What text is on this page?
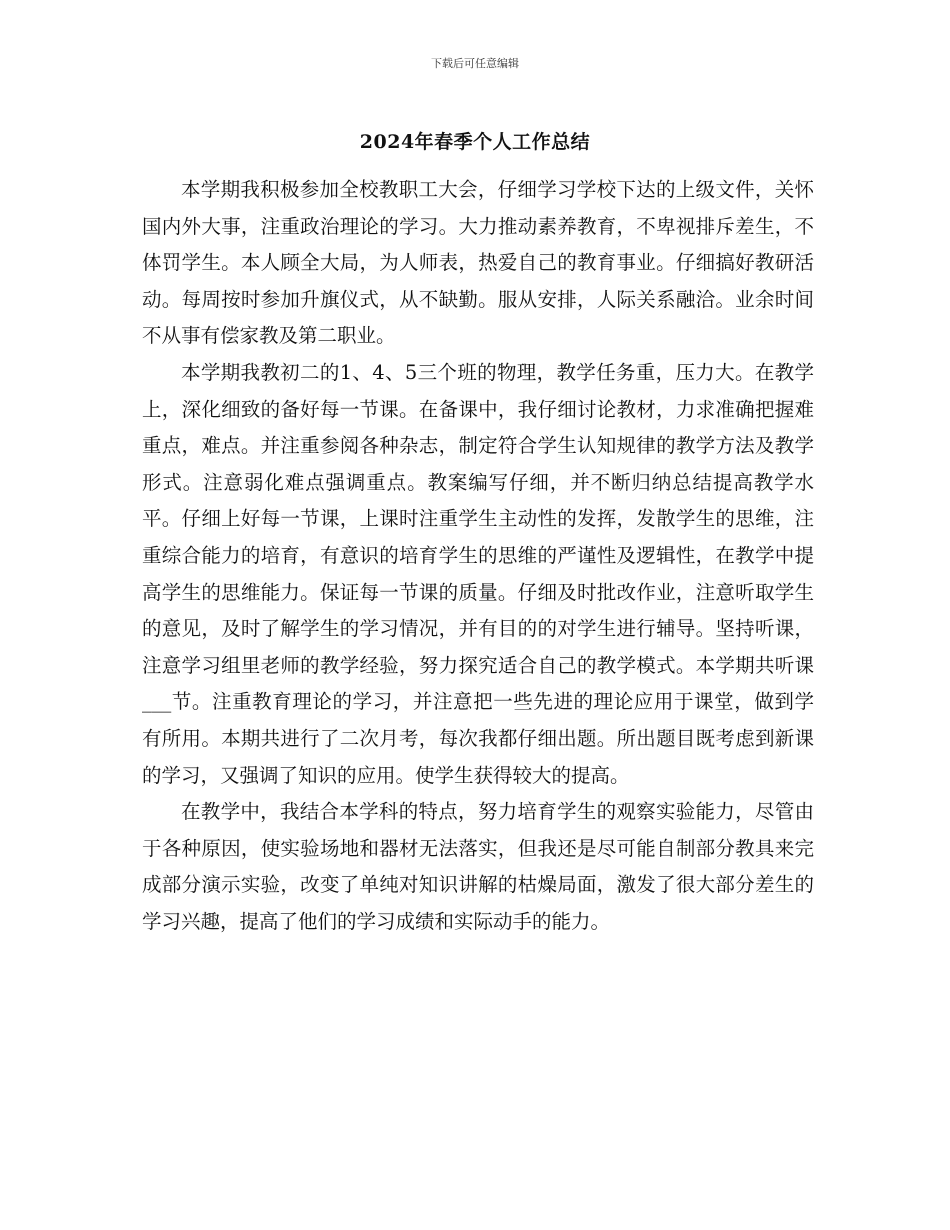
下载后可任意编辑
2024年春季个人工作总结

本学期我积极参加全校教职工大会，仔细学习学校下达的上级文件，关怀国内外大事，注重政治理论的学习。大力推动素养教育，不卑视排斥差生，不体罚学生。本人顾全大局，为人师表，热爱自己的教育事业。仔细搞好教研活动。每周按时参加升旗仪式，从不缺勤。服从安排，人际关系融洽。业余时间不从事有偿家教及第二职业。

本学期我教初二的1、4、5三个班的物理，教学任务重，压力大。在教学上，深化细致的备好每一节课。在备课中，我仔细讨论教材，力求准确把握难重点，难点。并注重参阅各种杂志，制定符合学生认知规律的教学方法及教学形式。注意弱化难点强调重点。教案编写仔细，并不断归纳总结提高教学水平。仔细上好每一节课，上课时注重学生主动性的发挥，发散学生的思维，注重综合能力的培育，有意识的培育学生的思维的严谨性及逻辑性，在教学中提高学生的思维能力。保证每一节课的质量。仔细及时批改作业，注意听取学生的意见，及时了解学生的学习情况，并有目的的对学生进行辅导。坚持听课，注意学习组里老师的教学经验，努力探究适合自己的教学模式。本学期共听课___节。注重教育理论的学习，并注意把一些先进的理论应用于课堂，做到学有所用。本期共进行了二次月考，每次我都仔细出题。所出题目既考虑到新课的学习，又强调了知识的应用。使学生获得较大的提高。

在教学中，我结合本学科的特点，努力培育学生的观察实验能力，尽管由于各种原因，使实验场地和器材无法落实，但我还是尽可能自制部分教具来完成部分演示实验，改变了单纯对知识讲解的枯燥局面，激发了很大部分差生的学习兴趣，提高了他们的学习成绩和实际动手的能力。
